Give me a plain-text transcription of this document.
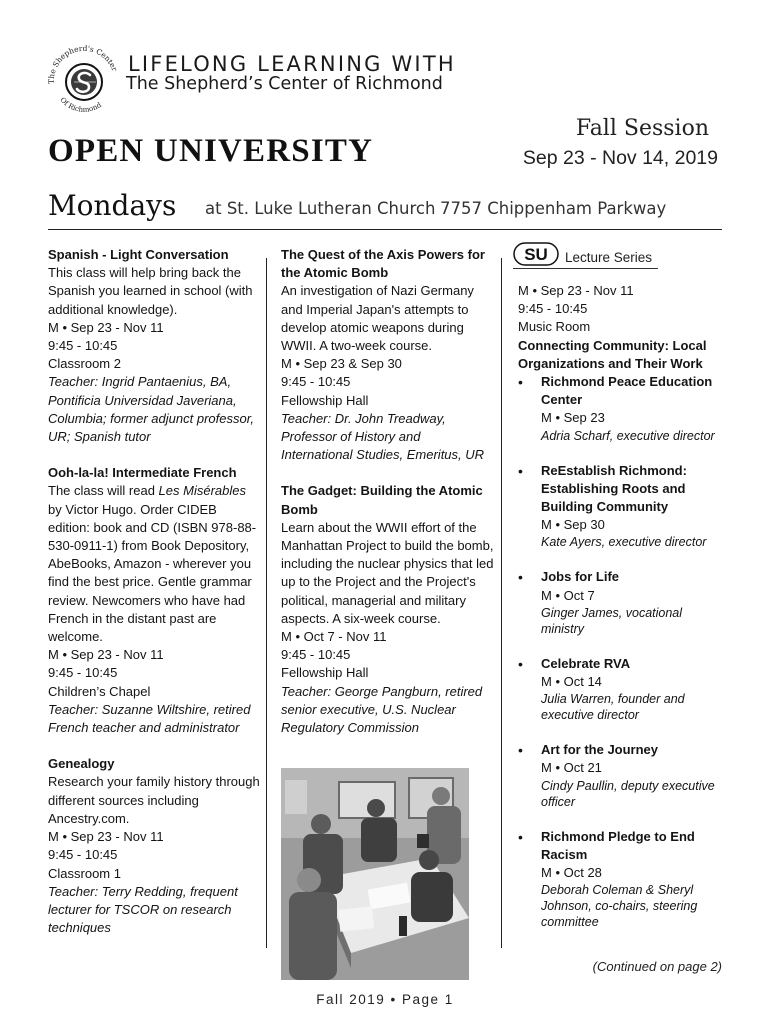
The Shepherd's Center
Of Richmond
LIFELONG LEARNING WITH
The Shepherd’s Center of Richmond
Fall Session
Sep 23 - Nov 14, 2019
OPEN UNIVERSITY
Mondays at St. Luke Lutheran Church 7757 Chippenham Parkway

Spanish - Light Conversation

This class will help bring back the Spanish you learned in school (with additional knowledge).

M • Sep 23 - Nov 11

9:45 - 10:45

Classroom 2

Teacher: Ingrid Pantaenius, BA, Pontificia Universidad Javeriana, Columbia; former adjunct professor, UR; Spanish tutor

Ooh-la-la! Intermediate French

The class will read Les Misérables by Victor Hugo. Order CIDEB edition: book and CD (ISBN 978-88-530-0911-1) from Book Depository, AbeBooks, Amazon - wherever you find the best price. Gentle grammar review. Newcomers who have had French in the distant past are welcome.

M • Sep 23 - Nov 11

9:45 - 10:45

Children’s Chapel

Teacher: Suzanne Wiltshire, retired French teacher and administrator

Genealogy

Research your family history through different sources including Ancestry.com.

M • Sep 23 - Nov 11

9:45 - 10:45

Classroom 1

Teacher: Terry Redding, frequent lecturer for TSCOR on research techniques

The Quest of the Axis Powers for the Atomic Bomb

An investigation of Nazi Germany and Imperial Japan's attempts to develop atomic weapons during WWII. A two-week course.

M • Sep 23 & Sep 30

9:45 - 10:45

Fellowship Hall

Teacher: Dr. John Treadway, Professor of History and International Studies, Emeritus, UR

The Gadget: Building the Atomic Bomb

Learn about the WWII effort of the Manhattan Project to build the bomb, including the nuclear physics that led up to the Project and the Project's political, managerial and military aspects. A six-week course.

M • Oct 7 - Nov 11

9:45 - 10:45

Fellowship Hall

Teacher: George Pangburn, retired senior executive, U.S. Nuclear Regulatory Commission

SU Lecture Series

M • Sep 23 - Nov 11

9:45 - 10:45

Music Room

Connecting Community: Local Organizations and Their Work

• Richmond Peace Education Center

M • Sep 23

Adria Scharf, executive director

• ReEstablish Richmond: Establishing Roots and Building Community

M • Sep 30

Kate Ayers, executive director

• Jobs for Life

M • Oct 7

Ginger James, vocational ministry

• Celebrate RVA

M • Oct 14

Julia Warren, founder and executive director

• Art for the Journey

M • Oct 21

Cindy Paullin, deputy executive officer

• Richmond Pledge to End Racism

M • Oct 28

Deborah Coleman & Sheryl Johnson, co-chairs, steering committee

(Continued on page 2)
Fall 2019 • Page 1
